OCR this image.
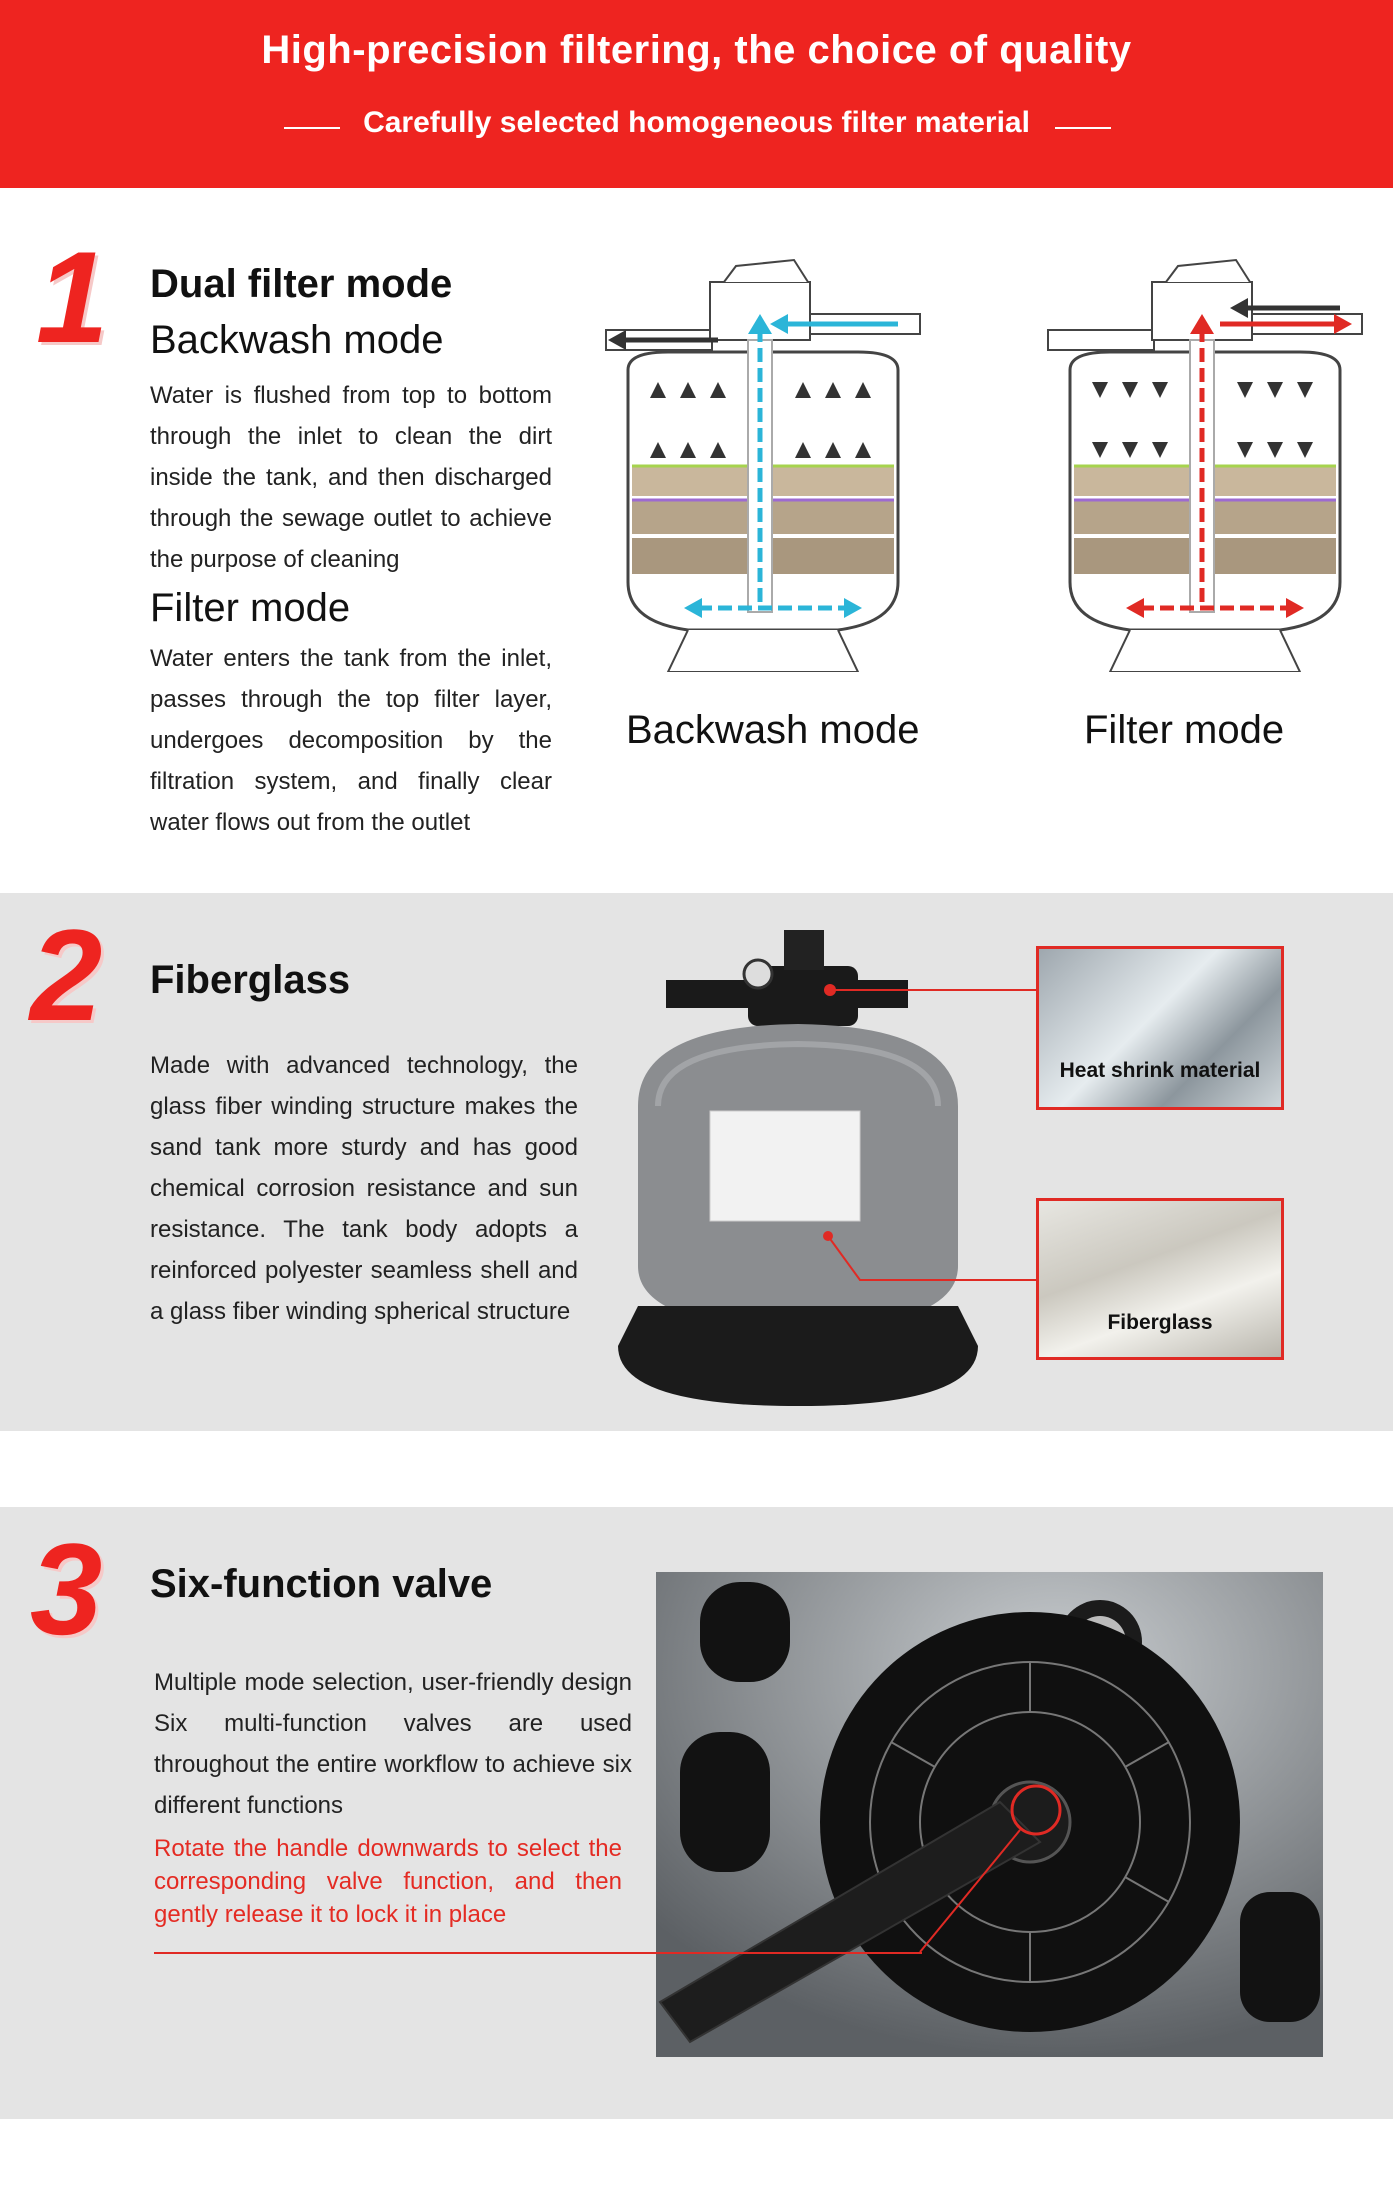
High-precision filtering, the choice of quality
Carefully selected homogeneous filter material
1 Dual filter mode
Backwash mode
Water is flushed from top to bottom through the inlet to clean the dirt inside the tank, and then discharged through the sewage outlet to achieve the purpose of cleaning
Filter mode
Water enters the tank from the inlet, passes through the top filter layer, undergoes decomposition by the filtration system, and finally clear water flows out from the outlet
Backwash mode	Filter mode
2 Fiberglass
Made with advanced technology, the glass fiber winding structure makes the sand tank more sturdy and has good chemical corrosion resistance and sun resistance. The tank body adopts a reinforced polyester seamless shell and a glass fiber winding spherical structure
Heat shrink material
Fiberglass
3 Six-function valve
Multiple mode selection, user-friendly design Six multi-function valves are used throughout the entire workflow to achieve six different functions
Rotate the handle downwards to select the corresponding valve function, and then gently release it to lock it in place
